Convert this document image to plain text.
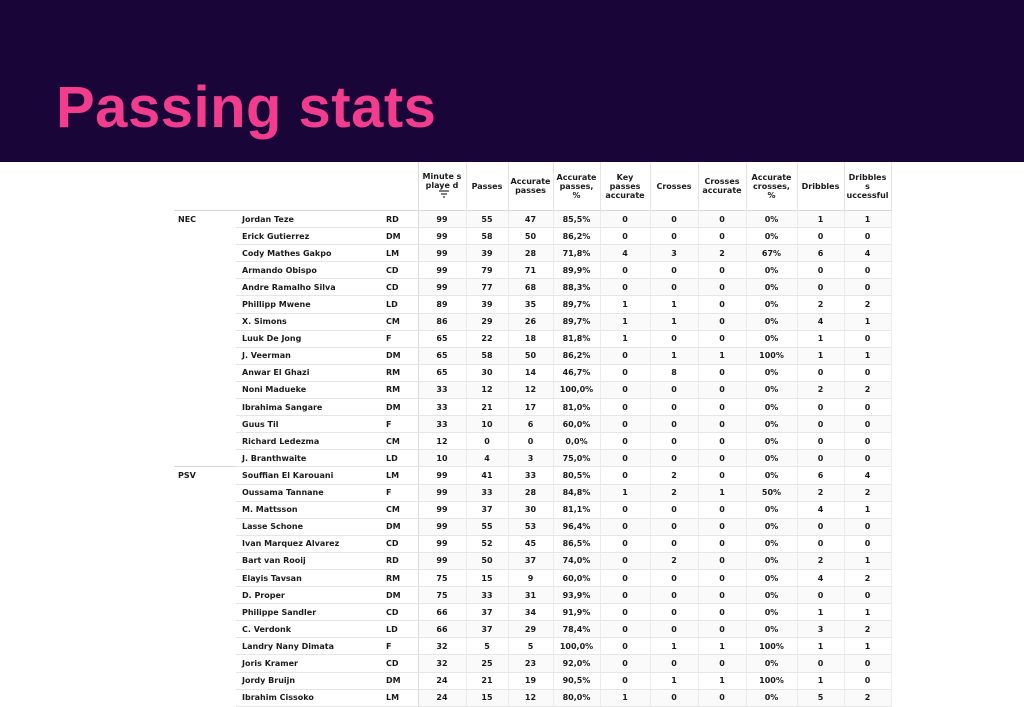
Passing stats
			Minute s playe d	Passes	Accurate passes	Accurate passes, %	Key passes accurate	Crosses	Crosses accurate	Accurate crosses, %	Dribbles	Dribbles s uccessful
NEC	Jordan Teze	RD	99	55	47	85,5%	0	0	0	0%	1	1
	Erick Gutierrez	DM	99	58	50	86,2%	0	0	0	0%	0	0
	Cody Mathes Gakpo	LM	99	39	28	71,8%	4	3	2	67%	6	4
	Armando Obispo	CD	99	79	71	89,9%	0	0	0	0%	0	0
	Andre Ramalho Silva	CD	99	77	68	88,3%	0	0	0	0%	0	0
	Phillipp Mwene	LD	89	39	35	89,7%	1	1	0	0%	2	2
	X. Simons	CM	86	29	26	89,7%	1	1	0	0%	4	1
	Luuk De Jong	F	65	22	18	81,8%	1	0	0	0%	1	0
	J. Veerman	DM	65	58	50	86,2%	0	1	1	100%	1	1
	Anwar El Ghazi	RM	65	30	14	46,7%	0	8	0	0%	0	0
	Noni Madueke	RM	33	12	12	100,0%	0	0	0	0%	2	2
	Ibrahima Sangare	DM	33	21	17	81,0%	0	0	0	0%	0	0
	Guus Til	F	33	10	6	60,0%	0	0	0	0%	0	0
	Richard Ledezma	CM	12	0	0	0,0%	0	0	0	0%	0	0
	J. Branthwaite	LD	10	4	3	75,0%	0	0	0	0%	0	0
PSV	Souffian El Karouani	LM	99	41	33	80,5%	0	2	0	0%	6	4
	Oussama Tannane	F	99	33	28	84,8%	1	2	1	50%	2	2
	M. Mattsson	CM	99	37	30	81,1%	0	0	0	0%	4	1
	Lasse Schone	DM	99	55	53	96,4%	0	0	0	0%	0	0
	Ivan Marquez Alvarez	CD	99	52	45	86,5%	0	0	0	0%	0	0
	Bart van Rooij	RD	99	50	37	74,0%	0	2	0	0%	2	1
	Elayis Tavsan	RM	75	15	9	60,0%	0	0	0	0%	4	2
	D. Proper	DM	75	33	31	93,9%	0	0	0	0%	0	0
	Philippe Sandler	CD	66	37	34	91,9%	0	0	0	0%	1	1
	C. Verdonk	LD	66	37	29	78,4%	0	0	0	0%	3	2
	Landry Nany Dimata	F	32	5	5	100,0%	0	1	1	100%	1	1
	Joris Kramer	CD	32	25	23	92,0%	0	0	0	0%	0	0
	Jordy Bruijn	DM	24	21	19	90,5%	0	1	1	100%	1	0
	Ibrahim Cissoko	LM	24	15	12	80,0%	1	0	0	0%	5	2
